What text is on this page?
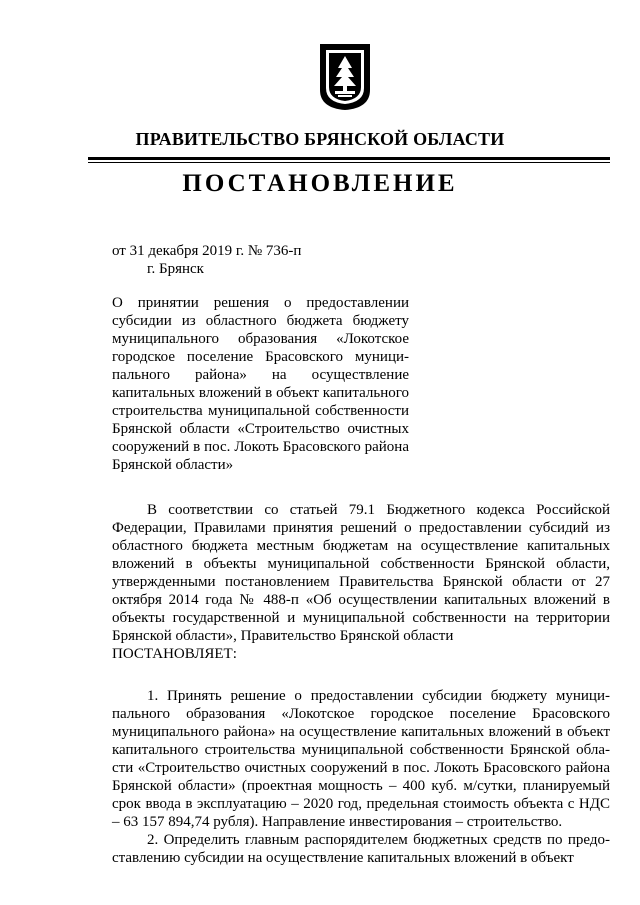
ПРАВИТЕЛЬСТВО БРЯНСКОЙ ОБЛАСТИ
ПОСТАНОВЛЕНИЕ
от 31 декабря 2019 г. № 736-п
г. Брянск
О принятии решения о предоставлении субсидии из областного бюджета бюджету муниципального образования «Локотское городское поселение Брасовского муниципального района» на осуществление капитальных вложений в объект капитального строительства муниципальной собственности Брянской области «Строительство очистных сооружений в пос. Локоть Брасовского района Брянской области»

В соответствии со статьей 79.1 Бюджетного кодекса Российской Федерации, Правилами принятия решений о предоставлении субсидий из областного бюджета местным бюджетам на осуществление капитальных вложений в объекты муниципальной собственности Брянской области, утвержденными постановлением Правительства Брянской области от 27 октября 2014 года № 488-п «Об осуществлении капитальных вложений в объекты государственной и муниципальной собственности на территории Брянской области», Правительство Брянской области

ПОСТАНОВЛЯЕТ:

1. Принять решение о предоставлении субсидии бюджету муниципального образования «Локотское городское поселение Брасовского муниципального района» на осуществление капитальных вложений в объект капитального строительства муниципальной собственности Брянской области «Строительство очистных сооружений в пос. Локоть Брасовского района Брянской области» (проектная мощность – 400 куб. м/сутки, планируемый срок ввода в эксплуатацию – 2020 год, предельная стоимость объекта с НДС – 63 157 894,74 рубля). Направление инвестирования – строительство.

2. Определить главным распорядителем бюджетных средств по предоставлению субсидии на осуществление капитальных вложений в объект
